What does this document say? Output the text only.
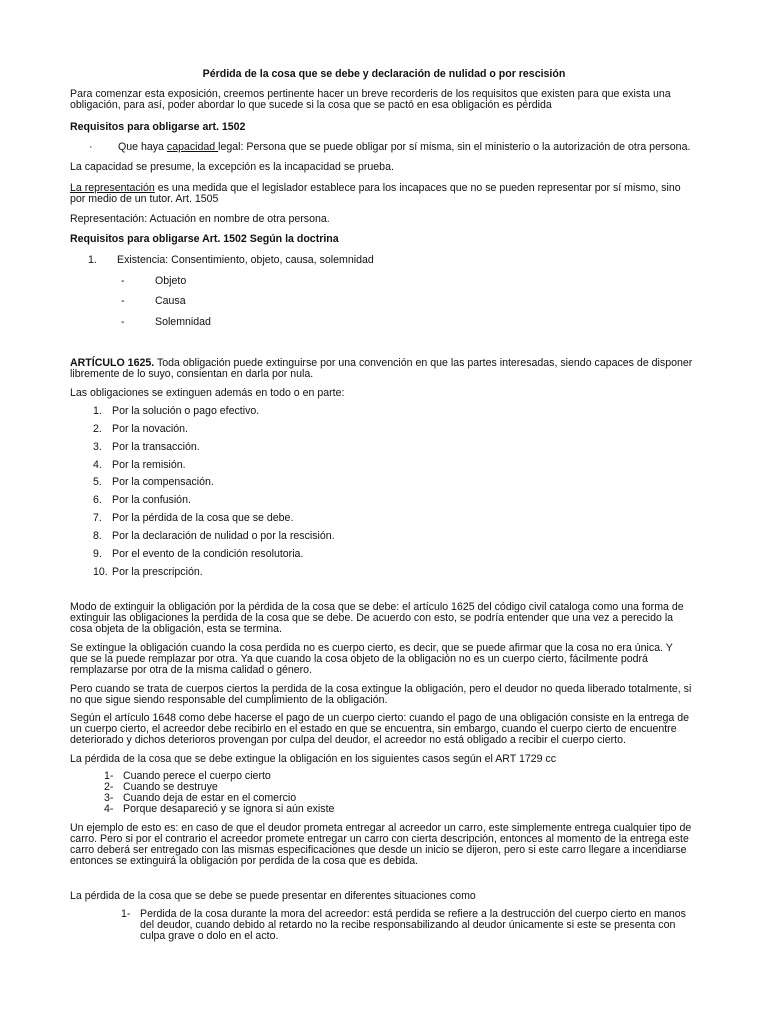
Pérdida de la cosa que se debe y declaración de nulidad o por rescisión
Para comenzar esta exposición, creemos pertinente hacer un breve recorderis de los requisitos que existen para que exista una
obligación, para así, poder abordar lo que sucede si la cosa que se pactó en esa obligación es pérdida
Requisitos para obligarse art. 1502
· Que haya capacidad legal: Persona que se puede obligar por sí misma, sin el ministerio o la autorización de otra persona.
La capacidad se presume, la excepción es la incapacidad se prueba.
La representación es una medida que el legislador establece para los incapaces que no se pueden representar por sí mismo, sino
por medio de un tutor. Art. 1505
Representación: Actuación en nombre de otra persona.
Requisitos para obligarse Art. 1502 Según la doctrina
1. Existencia: Consentimiento, objeto, causa, solemnidad
-	Objeto
-	Causa
-	Solemnidad
ARTÍCULO 1625. Toda obligación puede extinguirse por una convención en que las partes interesadas, siendo capaces de disponer
libremente de lo suyo, consientan en darla por nula.
Las obligaciones se extinguen además en todo o en parte:
1. Por la solución o pago efectivo.
2. Por la novación.
3. Por la transacción.
4. Por la remisión.
5. Por la compensación.
6. Por la confusión.
7. Por la pérdida de la cosa que se debe.
8. Por la declaración de nulidad o por la rescisión.
9. Por el evento de la condición resolutoria.
10. Por la prescripción.
Modo de extinguir la obligación por la pérdida de la cosa que se debe: el artículo 1625 del código civil cataloga como una forma de
extinguir las obligaciones la perdida de la cosa que se debe. De acuerdo con esto, se podría entender que una vez a perecido la
cosa objeta de la obligación, esta se termina.
Se extingue la obligación cuando la cosa perdida no es cuerpo cierto, es decir, que se puede afirmar que la cosa no era única. Y
que se la puede remplazar por otra. Ya que cuando la cosa objeto de la obligación no es un cuerpo cierto, fácilmente podrá
remplazarse por otra de la misma calidad o género.
Pero cuando se trata de cuerpos ciertos la perdida de la cosa extingue la obligación, pero el deudor no queda liberado totalmente, si
no que sigue siendo responsable del cumplimiento de la obligación.
Según el artículo 1648 como debe hacerse el pago de un cuerpo cierto: cuando el pago de una obligación consiste en la entrega de
un cuerpo cierto, el acreedor debe recibirlo en el estado en que se encuentra, sin embargo, cuando el cuerpo cierto de encuentre
deteriorado y dichos deterioros provengan por culpa del deudor, el acreedor no está obligado a recibir el cuerpo cierto.
La pérdida de la cosa que se debe extingue la obligación en los siguientes casos según el ART 1729 cc
1- Cuando perece el cuerpo cierto
2- Cuando se destruye
3- Cuando deja de estar en el comercio
4- Porque desapareció y se ignora si aún existe
Un ejemplo de esto es: en caso de que el deudor prometa entregar al acreedor un carro, este simplemente entrega cualquier tipo de
carro. Pero si por el contrario el acreedor promete entregar un carro con cierta descripción, entonces al momento de la entrega este
carro deberá ser entregado con las mismas especificaciones que desde un inicio se dijeron, pero si este carro llegare a incendiarse
entonces se extinguirá la obligación por perdida de la cosa que es debida.
La pérdida de la cosa que se debe se puede presentar en diferentes situaciones como
1- Perdida de la cosa durante la mora del acreedor: está perdida se refiere a la destrucción del cuerpo cierto en manos
del deudor, cuando debido al retardo no la recibe responsabilizando al deudor únicamente si este se presenta con
culpa grave o dolo en el acto.
